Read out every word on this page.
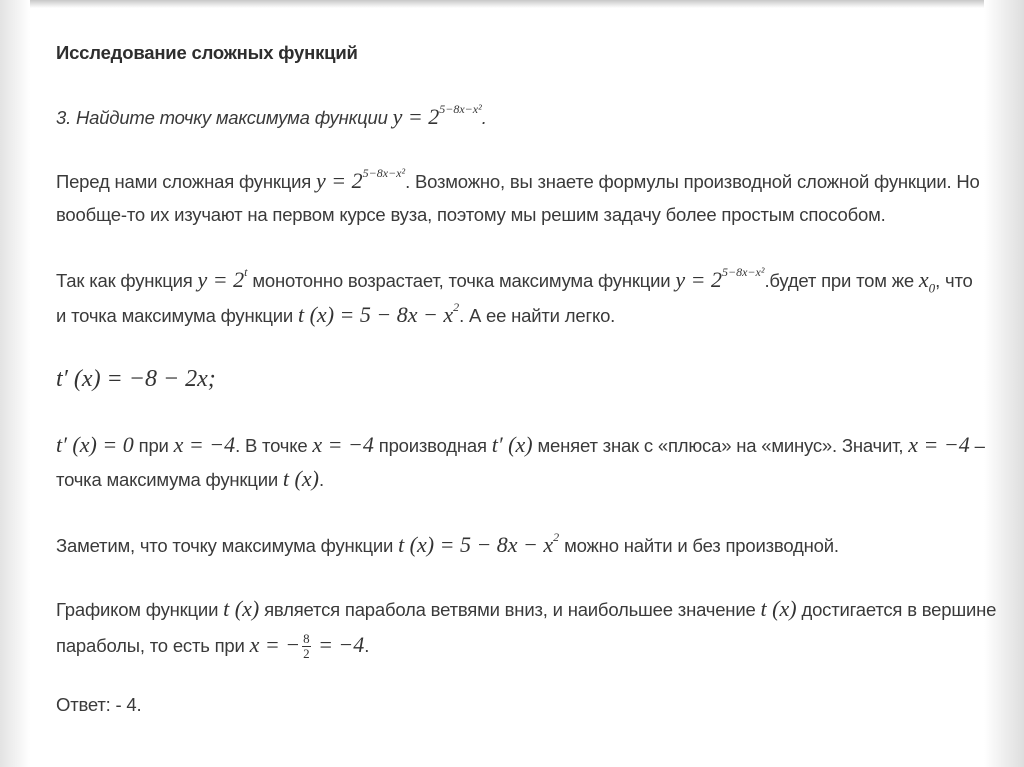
Исследование сложных функций
3. Найдите точку максимума функции $y = 2^{5-8x-x^2}$.
Перед нами сложная функция $y = 2^{5-8x-x^2}$. Возможно, вы знаете формулы производной сложной функции. Но
вообще-то их изучают на первом курсе вуза, поэтому мы решим задачу более простым способом.
Так как функция $y = 2^t$ монотонно возрастает, точка максимума функции $y = 2^{5-8x-x^2}.будет$ при том же $x_0$, что
и точка максимума функции t $(x) = 5 - 8x - x^2$. А ее найти легко.
t′ (x) = −8 − 2x;
t′ (x) = 0 при x = −4. В точке x = −4 производная t′ (x) меняет знак с «плюса» на «минус». Значит, x = −4 –
точка максимума функции t (x).
Заметим, что точку максимума функции t $(x) = 5 - 8x - x^2$ можно найти и без производной.
Графиком функции t (x) является парабола ветвями вниз, и наибольшее значение t (x) достигается в вершине
параболы, то есть при x = − $\frac{8}{2} = -4$.
Ответ: - 4.
